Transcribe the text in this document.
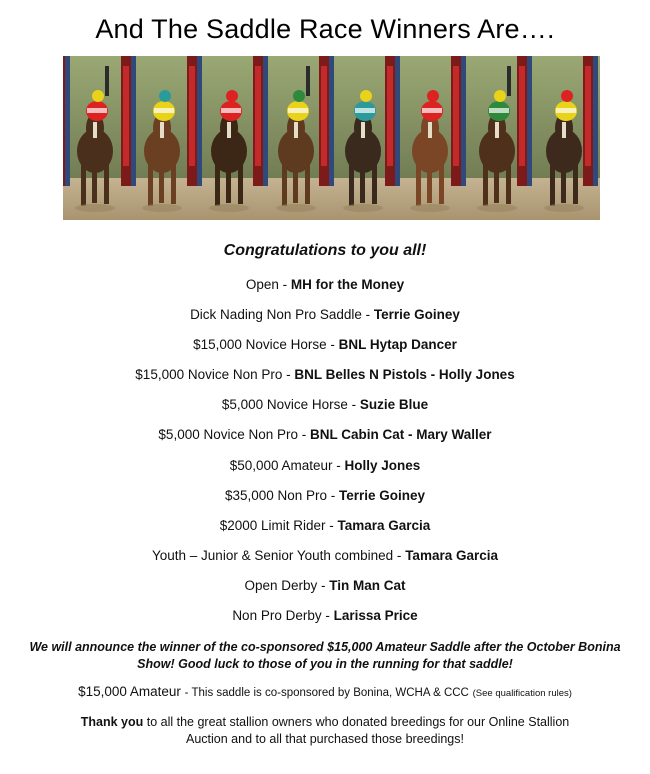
And The Saddle Race Winners Are….
Congratulations to you all!
Open - MH for the Money
Dick Nading Non Pro Saddle - Terrie Goiney
$15,000 Novice Horse - BNL Hytap Dancer
$15,000 Novice Non Pro - BNL Belles N Pistols - Holly Jones
$5,000 Novice Horse - Suzie Blue
$5,000 Novice Non Pro - BNL Cabin Cat - Mary Waller
$50,000 Amateur - Holly Jones
$35,000 Non Pro - Terrie Goiney
$2000 Limit Rider - Tamara Garcia
Youth – Junior & Senior Youth combined - Tamara Garcia
Open Derby - Tin Man Cat
Non Pro Derby - Larissa Price
We will announce the winner of the co-sponsored $15,000 Amateur Saddle after the October Bonina Show! Good luck to those of you in the running for that saddle!
$15,000 Amateur - This saddle is co-sponsored by Bonina, WCHA & CCC (See qualification rules)
Thank you to all the great stallion owners who donated breedings for our Online Stallion Auction and to all that purchased those breedings!
